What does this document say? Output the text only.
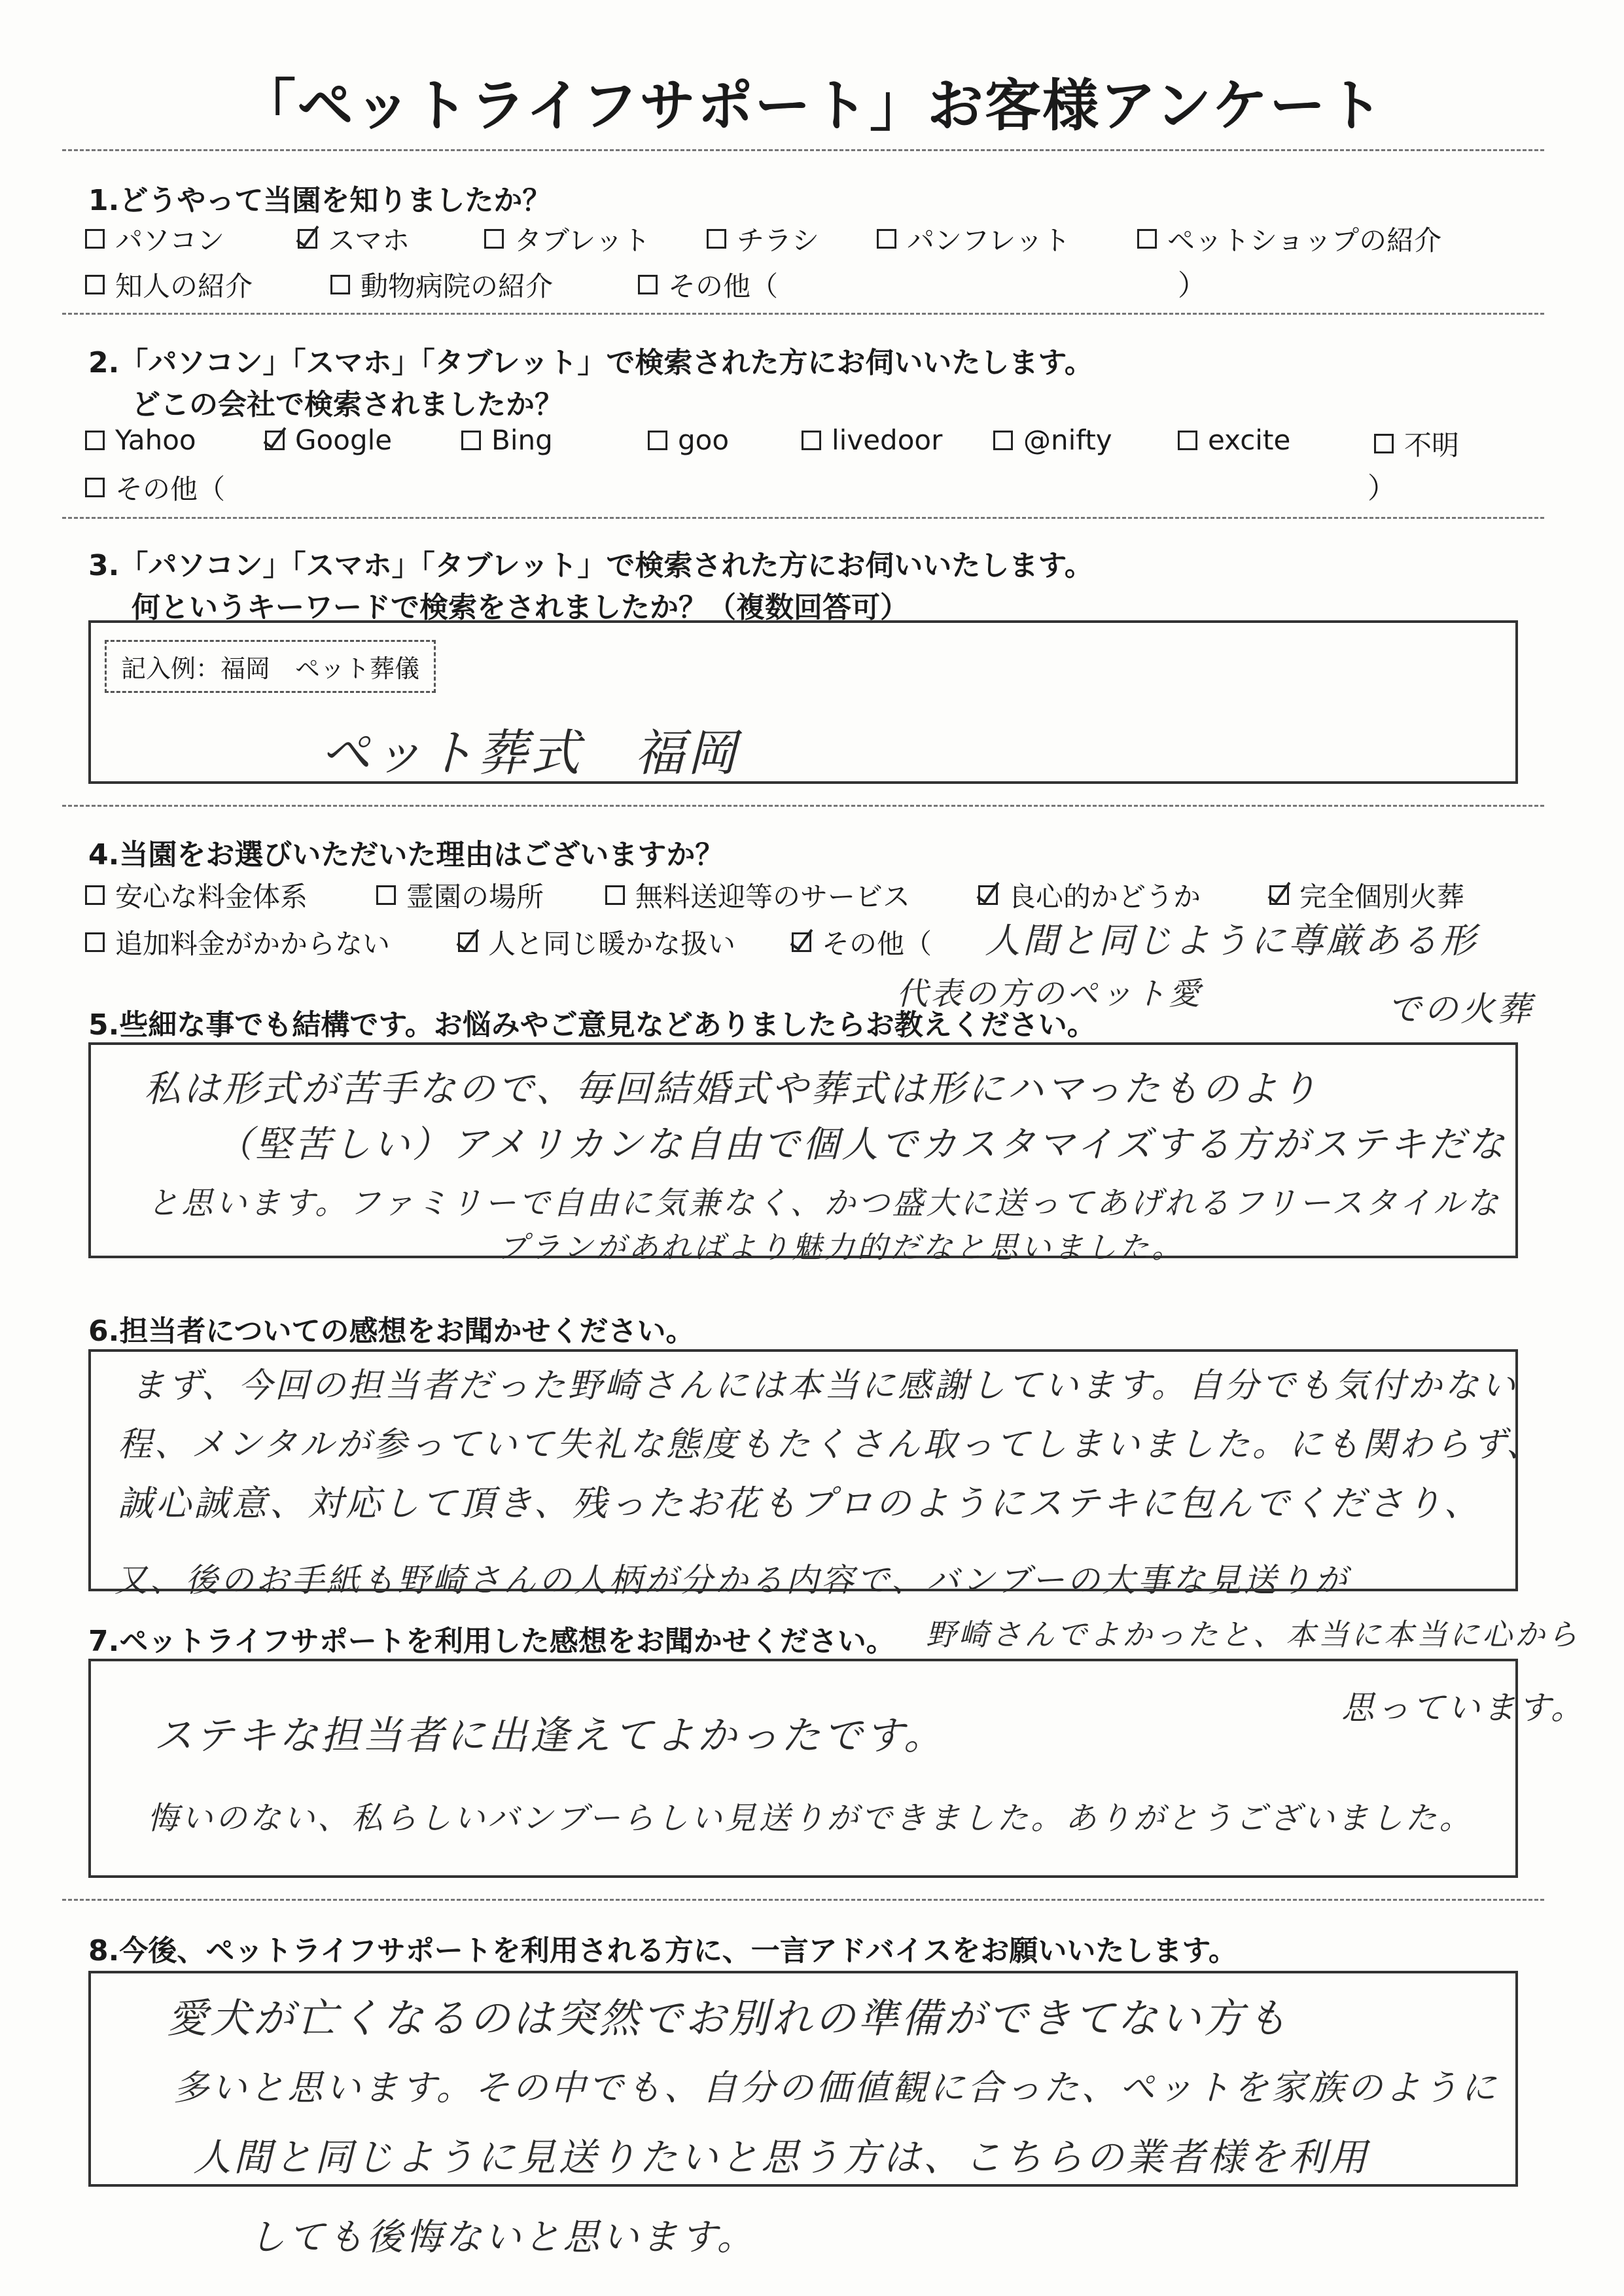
「ペットライフサポート」お客様アンケート
1.どうやって当園を知りましたか？
パソコン	スマホ	タブレット	チラシ	パンフレット	ペットショップの紹介
知人の紹介	動物病院の紹介	その他（	）
2.「パソコン」「スマホ」「タブレット」で検索された方にお伺いいたします。
どこの会社で検索されましたか？
Yahoo	Google	Bing	goo	livedoor	@nifty	excite	不明
その他（	）
3.「パソコン」「スマホ」「タブレット」で検索された方にお伺いいたします。
何というキーワードで検索をされましたか？（複数回答可）
記入例：福岡　ペット葬儀
ペット葬式　福岡
4.当園をお選びいただいた理由はございますか？
安心な料金体系	霊園の場所	無料送迎等のサービス	良心的かどうか	完全個別火葬
追加料金がかからない	人と同じ暖かな扱い	その他（ 人間と同じように尊厳ある形
代表の方のペット愛	での火葬
5.些細な事でも結構です。お悩みやご意見などありましたらお教えください。
私は形式が苦手なので、毎回結婚式や葬式は形にハマったものより
（堅苦しい）アメリカンな自由で個人でカスタマイズする方がステキだな
と思います。ファミリーで自由に気兼なく、かつ盛大に送ってあげれるフリースタイルな
プランがあればより魅力的だなと思いました。
6.担当者についての感想をお聞かせください。
まず、今回の担当者だった野崎さんには本当に感謝しています。自分でも気付かない
程、メンタルが参っていて失礼な態度もたくさん取ってしまいました。にも関わらず、
誠心誠意、対応して頂き、残ったお花もプロのようにステキに包んでくださり、
又、後のお手紙も野崎さんの人柄が分かる内容で、バンブーの大事な見送りが
7.ペットライフサポートを利用した感想をお聞かせください。 野崎さんでよかったと、本当に本当に心から
思っています。
ステキな担当者に出逢えてよかったです。
悔いのない、私らしいバンブーらしい見送りができました。ありがとうございました。
8.今後、ペットライフサポートを利用される方に、一言アドバイスをお願いいたします。
愛犬が亡くなるのは突然でお別れの準備ができてない方も
多いと思います。その中でも、自分の価値観に合った、ペットを家族のように
人間と同じように見送りたいと思う方は、こちらの業者様を利用
しても後悔ないと思います。
